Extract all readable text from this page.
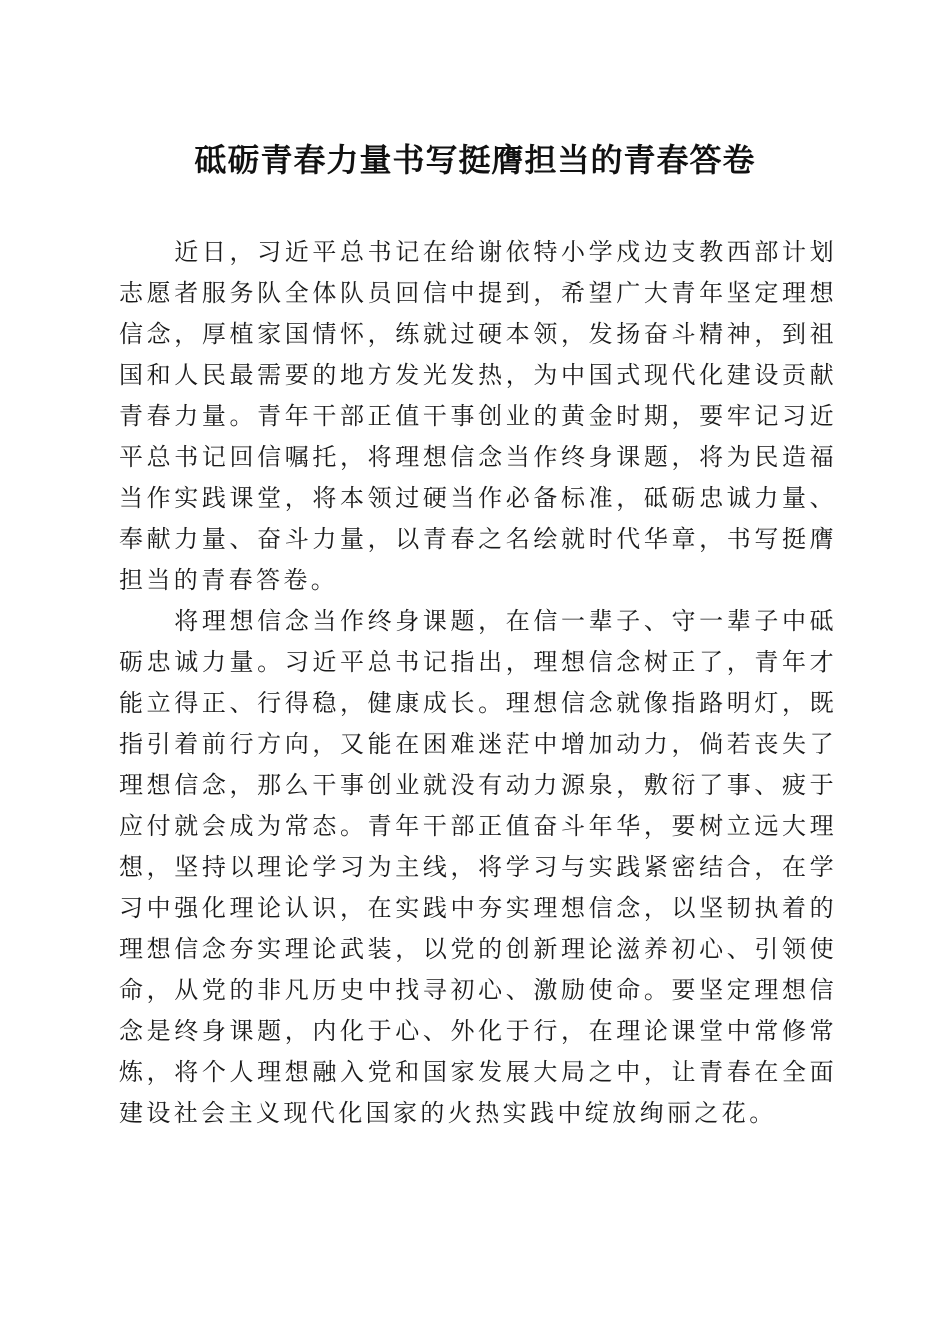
砥砺青春力量书写挺膺担当的青春答卷

近日，习近平总书记在给谢依特小学戍边支教西部计划志愿者服务队全体队员回信中提到，希望广大青年坚定理想信念，厚植家国情怀，练就过硬本领，发扬奋斗精神，到祖国和人民最需要的地方发光发热，为中国式现代化建设贡献青春力量。青年干部正值干事创业的黄金时期，要牢记习近平总书记回信嘱托，将理想信念当作终身课题，将为民造福当作实践课堂，将本领过硬当作必备标准，砥砺忠诚力量、奉献力量、奋斗力量，以青春之名绘就时代华章，书写挺膺担当的青春答卷。

将理想信念当作终身课题，在信一辈子、守一辈子中砥砺忠诚力量。习近平总书记指出，理想信念树正了，青年才能立得正、行得稳，健康成长。理想信念就像指路明灯，既指引着前行方向，又能在困难迷茫中增加动力，倘若丧失了理想信念，那么干事创业就没有动力源泉，敷衍了事、疲于应付就会成为常态。青年干部正值奋斗年华，要树立远大理想，坚持以理论学习为主线，将学习与实践紧密结合，在学习中强化理论认识，在实践中夯实理想信念，以坚韧执着的理想信念夯实理论武装，以党的创新理论滋养初心、引领使命，从党的非凡历史中找寻初心、激励使命。要坚定理想信念是终身课题，内化于心、外化于行，在理论课堂中常修常炼，将个人理想融入党和国家发展大局之中，让青春在全面建设社会主义现代化国家的火热实践中绽放绚丽之花。
